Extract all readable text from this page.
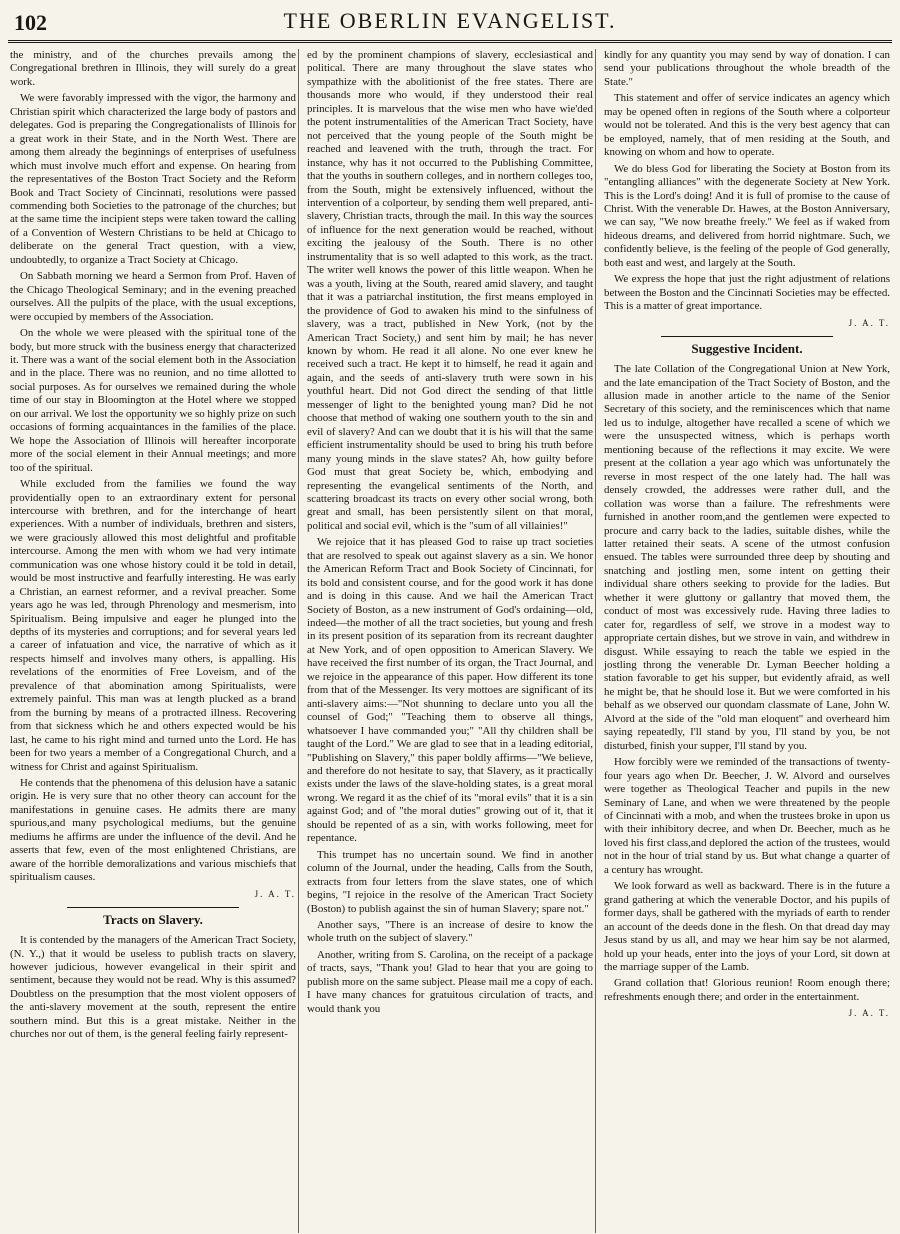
102	THE OBERLIN EVANGELIST.

the ministry, and of the churches prevails among the Congregational brethren in Illinois, they will surely do a great work.

We were favorably impressed with the vigor, the harmony and Christian spirit which characterized the large body of pastors and delegates. God is preparing the Congregationalists of Illinois for a great work in their State, and in the North West. There are among them already the beginnings of enterprises of usefulness which must involve much effort and expense. On hearing from the representatives of the Boston Tract Society and the Reform Book and Tract Society of Cincinnati, resolutions were passed commending both Societies to the patronage of the churches; but at the same time the incipient steps were taken toward the calling of a Convention of Western Christians to be held at Chicago to deliberate on the general Tract question, with a view, undoubtedly, to organize a Tract Society at Chicago.

On Sabbath morning we heard a Sermon from Prof. Haven of the Chicago Theological Seminary; and in the evening preached ourselves. All the pulpits of the place, with the usual exceptions, were occupied by members of the Association.

On the whole we were pleased with the spiritual tone of the body, but more struck with the business energy that characterized it. There was a want of the social element both in the Association and in the place. There was no reunion, and no time allotted to social purposes. As for ourselves we remained during the whole time of our stay in Bloomington at the Hotel where we stopped on our arrival. We lost the opportunity we so highly prize on such occasions of forming acquaintances in the families of the place. We hope the Association of Illinois will hereafter incorporate more of the social element in their Annual meetings; and more too of the spiritual.

While excluded from the families we found the way providentially open to an extraordinary extent for personal intercourse with brethren, and for the interchange of heart experiences. With a number of individuals, brethren and sisters, we were graciously allowed this most delightful and profitable intercourse. Among the men with whom we had very intimate communication was one whose history could it be told in detail, would be most instructive and fearfully interesting. He was early a Christian, an earnest reformer, and a revival preacher. Some years ago he was led, through Phrenology and mesmerism, into Spiritualism. Being impulsive and eager he plunged into the depths of its mysteries and corruptions; and for several years led a career of infatuation and vice, the narrative of which as it respects himself and involves many others, is appalling. His revelations of the enormities of Free Loveism, and of the prevalence of that abomination among Spiritualists, were extremely painful. This man was at length plucked as a brand from the burning by means of a protracted illness. Recovering from that sickness which he and others expected would be his last, he came to his right mind and turned unto the Lord. He has been for two years a member of a Congregational Church, and a witness for Christ and against Spiritualism.

He contends that the phenomena of this delusion have a satanic origin. He is very sure that no other theory can account for the manifestations in genuine cases. He admits there are many spurious,and many psychological mediums, but the genuine mediums he affirms are under the influence of the devil. And he asserts that few, even of the most enlightened Christians, are aware of the horrible demoralizations and various mischiefs that spiritualism causes.

J. A. T.

Tracts on Slavery.

It is contended by the managers of the American Tract Society, (N. Y.,) that it would be useless to publish tracts on slavery, however judicious, however evangelical in their spirit and sentiment, because they would not be read. Why is this assumed? Doubtless on the presumption that the most violent opposers of the anti-slavery movement at the south, represent the entire southern mind. But this is a great mistake. Neither in the churches nor out of them, is the general feeling fairly represent-

ed by the prominent champions of slavery, ecclesiastical and political. There are many throughout the slave states who sympathize with the abolitionist of the free states. There are thousands more who would, if they understood their real principles. It is marvelous that the wise men who have wie'ded the potent instrumentalities of the American Tract Society, have not perceived that the young people of the South might be reached and leavened with the truth, through the tract. For instance, why has it not occurred to the Publishing Committee, that the youths in southern colleges, and in northern colleges too, from the South, might be extensively influenced, without the intervention of a colporteur, by sending them well prepared, anti-slavery, Christian tracts, through the mail. In this way the sources of influence for the next generation would be reached, without exciting the jealousy of the South. There is no other instrumentality that is so well adapted to this work, as the tract. The writer well knows the power of this little weapon. When he was a youth, living at the South, reared amid slavery, and taught that it was a patriarchal institution, the first means employed in the providence of God to awaken his mind to the sinfulness of slavery, was a tract, published in New York, (not by the American Tract Society,) and sent him by mail; he has never known by whom. He read it all alone. No one ever knew he received such a tract. He kept it to himself, he read it again and again, and the seeds of anti-slavery truth were sown in his youthful heart. Did not God direct the sending of that little messenger of light to the benighted young man? Did he not choose that method of waking one southern youth to the sin and evil of slavery? And can we doubt that it is his will that the same efficient instrumentality should be used to bring his truth before many young minds in the slave states? Ah, how guilty before God must that great Society be, which, embodying and representing the evangelical sentiments of the North, and scattering broadcast its tracts on every other social wrong, both great and small, has been persistently silent on that moral, political and social evil, which is the "sum of all villainies!"

We rejoice that it has pleased God to raise up tract societies that are resolved to speak out against slavery as a sin. We honor the American Reform Tract and Book Society of Cincinnati, for its bold and consistent course, and for the good work it has done and is doing in this cause. And we hail the American Tract Society of Boston, as a new instrument of God's ordaining—old, indeed—the mother of all the tract societies, but young and fresh in its present position of its separation from its recreant daughter at New York, and of open opposition to American Slavery. We have received the first number of its organ, the Tract Journal, and we rejoice in the appearance of this paper. How different its tone from that of the Messenger. Its very mottoes are significant of its anti-slavery aims:—"Not shunning to declare unto you all the counsel of God;" "Teaching them to observe all things, whatsoever I have commanded you;" "All thy children shall be taught of the Lord." We are glad to see that in a leading editorial, "Publishing on Slavery," this paper boldly affirms—"We believe, and therefore do not hesitate to say, that Slavery, as it practically exists under the laws of the slave-holding states, is a great moral wrong. We regard it as the chief of its "moral evils" that it is a sin against God; and of "the moral duties" growing out of it, that it should be repented of as a sin, with works following, meet for repentance.

This trumpet has no uncertain sound. We find in another column of the Journal, under the heading, Calls from the South, extracts from four letters from the slave states, one of which begins, "I rejoice in the resolve of the American Tract Society (Boston) to publish against the sin of human Slavery; spare not."

Another says, "There is an increase of desire to know the whole truth on the subject of slavery."

Another, writing from S. Carolina, on the receipt of a package of tracts, says, "Thank you! Glad to hear that you are going to publish more on the same subject. Please mail me a copy of each. I have many chances for gratuitous circulation of tracts, and would thank you

kindly for any quantity you may send by way of donation. I can send your publications throughout the whole breadth of the State."

This statement and offer of service indicates an agency which may be opened often in regions of the South where a colporteur would not be tolerated. And this is the very best agency that can be employed, namely, that of men residing at the South, and knowing on whom and how to operate.

We do bless God for liberating the Society at Boston from its "entangling alliances" with the degenerate Society at New York. This is the Lord's doing! And it is full of promise to the cause of Christ. With the venerable Dr. Hawes, at the Boston Anniversary, we can say, "We now breathe freely." We feel as if waked from hideous dreams, and delivered from horrid nightmare. Such, we confidently believe, is the feeling of the people of God generally, both east and west, and largely at the South.

We express the hope that just the right adjustment of relations between the Boston and the Cincinnati Societies may be effected. This is a matter of great importance.

J. A. T.

Suggestive Incident.

The late Collation of the Congregational Union at New York, and the late emancipation of the Tract Society of Boston, and the allusion made in another article to the name of the Senior Secretary of this society, and the reminiscences which that name led us to indulge, altogether have recalled a scene of which we were the unsuspected witness, which is perhaps worth mentioning because of the reflections it may excite. We were present at the collation a year ago which was unfortunately the reverse in most respect of the one lately had. The hall was densely crowded, the addresses were rather dull, and the collation was worse than a failure. The refreshments were furnished in another room,and the gentlemen were expected to procure and carry back to the ladies, suitable dishes, while the latter retained their seats. A scene of the utmost confusion ensued. The tables were surrounded three deep by shouting and snatching and jostling men, some intent on getting their individual share others seeking to provide for the ladies. But whether it were gluttony or gallantry that moved them, the conduct of most was excessively rude. Having three ladies to cater for, regardless of self, we strove in a modest way to appropriate certain dishes, but we strove in vain, and withdrew in disgust. While essaying to reach the table we espied in the jostling throng the venerable Dr. Lyman Beecher holding a station favorable to get his supper, but evidently afraid, as well he might be, that he should lose it. But we were comforted in his behalf as we observed our quondam classmate of Lane, John W. Alvord at the side of the "old man eloquent" and overheard him saying repeatedly, I'll stand by you, I'll stand by you, be not disturbed, finish your supper, I'll stand by you.

How forcibly were we reminded of the transactions of twenty-four years ago when Dr. Beecher, J. W. Alvord and ourselves were together as Theological Teacher and pupils in the new Seminary of Lane, and when we were threatened by the people of Cincinnati with a mob, and when the trustees broke in upon us with their inhibitory decree, and when Dr. Beecher, much as he loved his first class,and deplored the action of the trustees, would not in the hour of trial stand by us. But what change a quarter of a century has wrought.

We look forward as well as backward. There is in the future a grand gathering at which the venerable Doctor, and his pupils of former days, shall be gathered with the myriads of earth to render an account of the deeds done in the flesh. On that dread day may Jesus stand by us all, and may we hear him say be not alarmed, hold up your heads, enter into the joys of your Lord, sit down at the marriage supper of the Lamb.

Grand collation that! Glorious reunion! Room enough there; refreshments enough there; and order in the entertainment.

J. A. T.
